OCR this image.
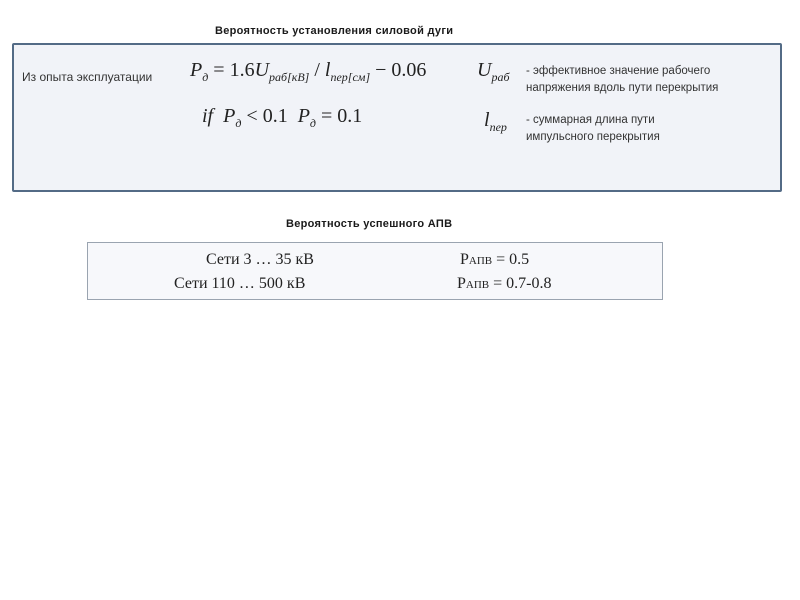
Вероятность установления силовой дуги
Из опыта эксплуатации $P_д = 1.6U_{раб[кВ]} / l_{пер[см]} - 0.06$
if $P_д < 0.1$ $P_д = 0.1$
$U_{раб}$ - эффективное значение рабочего
напряжения вдоль пути перекрытия
$l_{пер}$ - суммарная длина пути
импульсного перекрытия
Вероятность успешного АПВ
Сети 3 … 35 кВ	PАПВ = 0.5
Сети 110 … 500 кВ	PАПВ = 0.7-0.8
